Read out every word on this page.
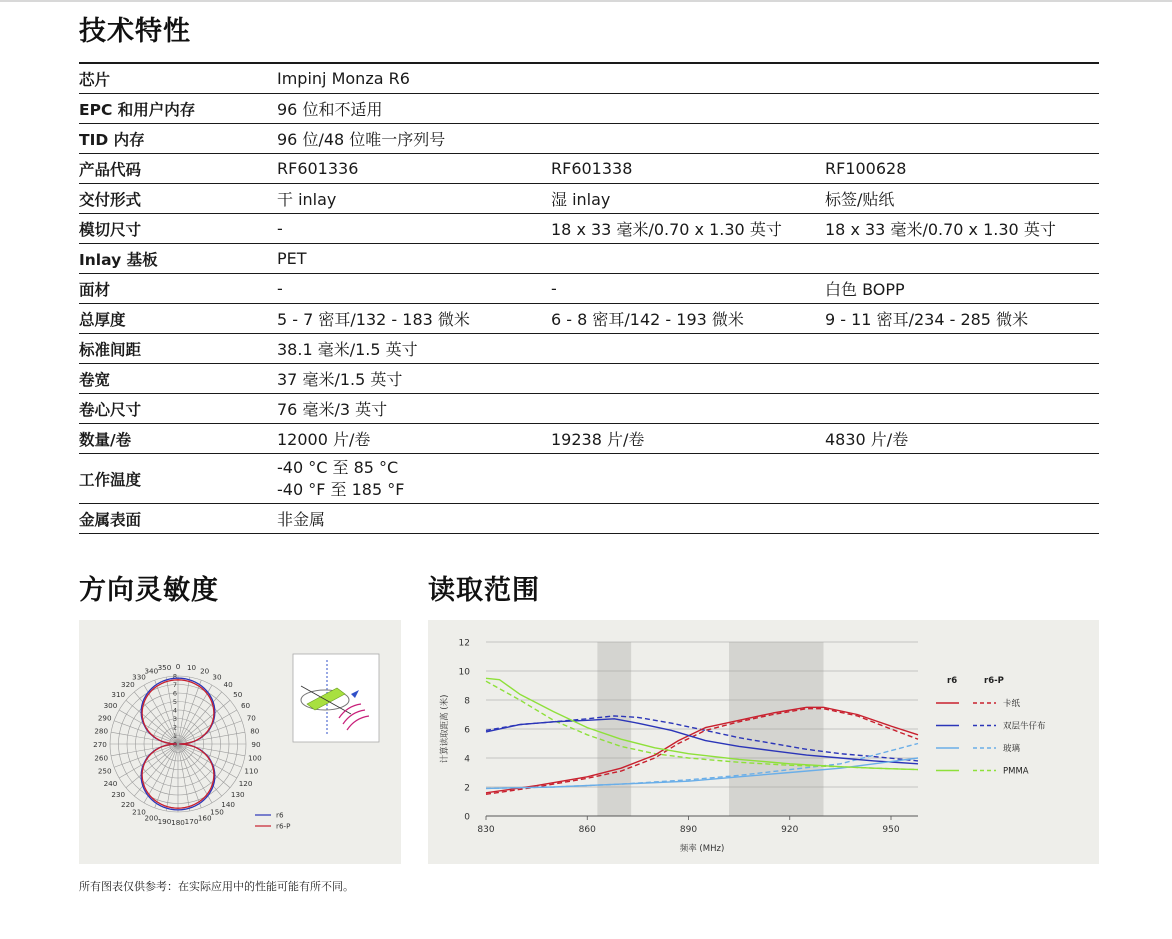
技术特性
芯片	Impinj Monza R6		
EPC 和用户内存	96 位和不适用		
TID 内存	96 位/48 位唯一序列号		
产品代码	RF601336	RF601338	RF100628
交付形式	干 inlay	湿 inlay	标签/贴纸
模切尺寸	-	18 x 33 毫米/0.70 x 1.30 英寸	18 x 33 毫米/0.70 x 1.30 英寸
Inlay 基板	PET		
面材	-	-	白色 BOPP
总厚度	5 - 7 密耳/132 - 183 微米	6 - 8 密耳/142 - 193 微米	9 - 11 密耳/234 - 285 微米
标准间距	38.1 毫米/1.5 英寸		
卷宽	37 毫米/1.5 英寸		
卷心尺寸	76 毫米/3 英寸		
数量/卷	12000 片/卷	19238 片/卷	4830 片/卷
工作温度	-40 °C 至 85 °C
-40 °F 至 185 °F		
金属表面	非金属		
方向灵敏度	读取范围
350 0 10 20
30
40
50
60
70
80
90
100
110
120
130
140
150
160
170
180
190
200
210
220
230
240
250
260
270
280
290
300
310
320
330
340
0
1
2
3
4
5
6
7
8
r6
r6-P
0
2
4
6
8
10
12
830	860	890	920	950
频率 (MHz)
计算读取距离 (米)
r6	r6-P
卡纸
双层牛仔布
玻璃
PMMA
所有图表仅供参考：在实际应用中的性能可能有所不同。
